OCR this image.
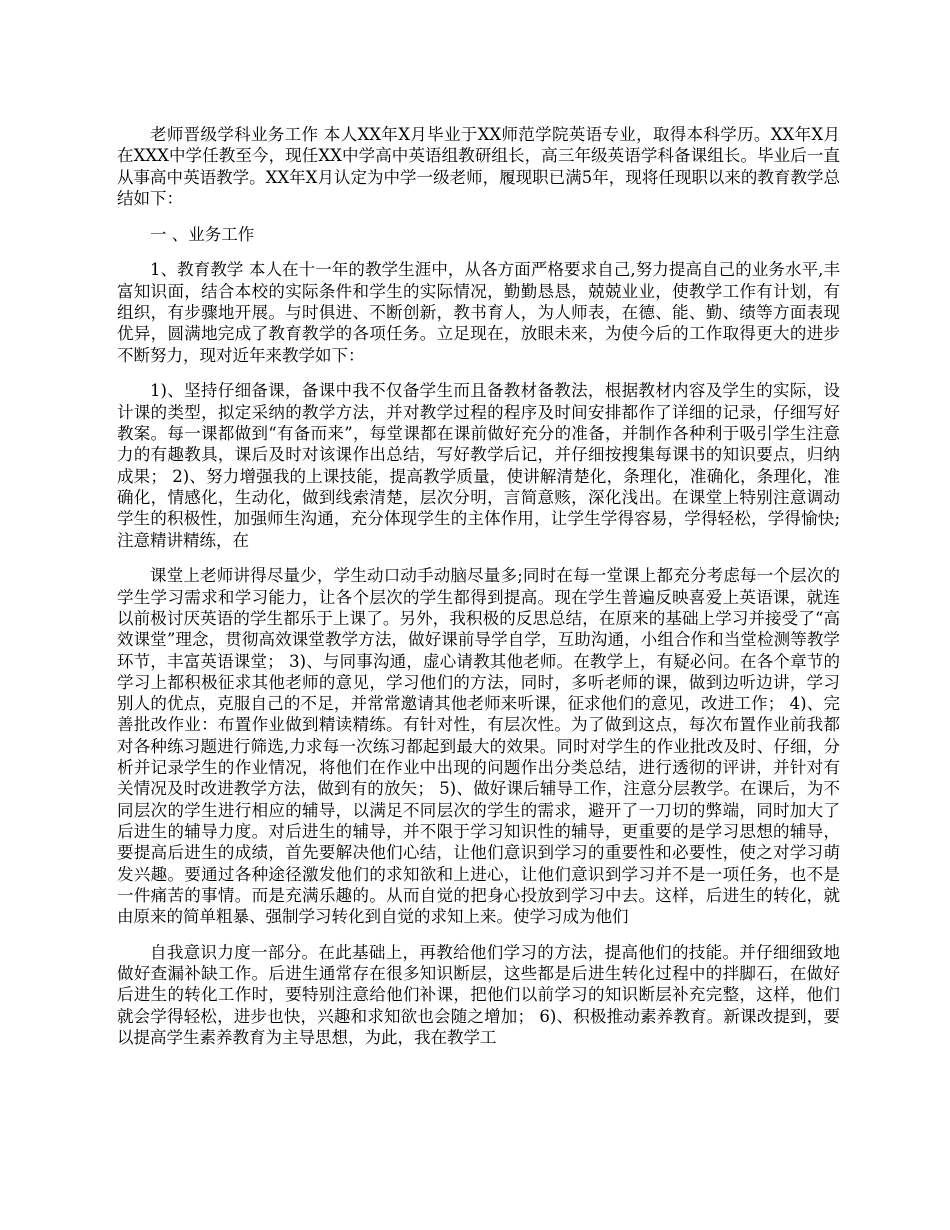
老师晋级学科业务工作 本人XX年X月毕业于XX师范学院英语专业，取得本科学历。XX年X月在XXX中学任教至今，现任XX中学高中英语组教研组长，高三年级英语学科备课组长。毕业后一直从事高中英语教学。XX年X月认定为中学一级老师，履现职已满5年，现将任现职以来的教育教学总结如下：

一 、业务工作

1、教育教学 本人在十一年的教学生涯中，从各方面严格要求自己,努力提高自己的业务水平,丰富知识面，结合本校的实际条件和学生的实际情况，勤勤恳恳，兢兢业业，使教学工作有计划，有组织，有步骤地开展。与时俱进、不断创新，教书育人，为人师表，在德、能、勤、绩等方面表现优异，圆满地完成了教育教学的各项任务。立足现在，放眼未来，为使今后的工作取得更大的进步不断努力，现对近年来教学如下：

1)、坚持仔细备课，备课中我不仅备学生而且备教材备教法，根据教材内容及学生的实际，设计课的类型，拟定采纳的教学方法，并对教学过程的程序及时间安排都作了详细的记录，仔细写好教案。每一课都做到“有备而来”，每堂课都在课前做好充分的准备，并制作各种利于吸引学生注意力的有趣教具，课后及时对该课作出总结，写好教学后记，并仔细按搜集每课书的知识要点，归纳成果； 2)、努力增强我的上课技能，提高教学质量，使讲解清楚化，条理化，准确化，条理化，准确化，情感化，生动化，做到线索清楚，层次分明，言简意赅，深化浅出。在课堂上特别注意调动学生的积极性，加强师生沟通，充分体现学生的主体作用，让学生学得容易，学得轻松，学得愉快;注意精讲精练，在

课堂上老师讲得尽量少，学生动口动手动脑尽量多;同时在每一堂课上都充分考虑每一个层次的学生学习需求和学习能力，让各个层次的学生都得到提高。现在学生普遍反映喜爱上英语课，就连以前极讨厌英语的学生都乐于上课了。另外，我积极的反思总结，在原来的基础上学习并接受了“高效课堂”理念，贯彻高效课堂教学方法，做好课前导学自学，互助沟通，小组合作和当堂检测等教学环节，丰富英语课堂； 3)、与同事沟通，虚心请教其他老师。在教学上，有疑必问。在各个章节的学习上都积极征求其他老师的意见，学习他们的方法，同时，多听老师的课，做到边听边讲，学习别人的优点，克服自己的不足，并常常邀请其他老师来听课，征求他们的意见，改进工作； 4)、完善批改作业：布置作业做到精读精练。有针对性，有层次性。为了做到这点，每次布置作业前我都对各种练习题进行筛选,力求每一次练习都起到最大的效果。同时对学生的作业批改及时、仔细，分析并记录学生的作业情况，将他们在作业中出现的问题作出分类总结，进行透彻的评讲，并针对有关情况及时改进教学方法，做到有的放矢； 5)、做好课后辅导工作，注意分层教学。在课后，为不同层次的学生进行相应的辅导，以满足不同层次的学生的需求，避开了一刀切的弊端，同时加大了后进生的辅导力度。对后进生的辅导，并不限于学习知识性的辅导，更重要的是学习思想的辅导，要提高后进生的成绩，首先要解决他们心结，让他们意识到学习的重要性和必要性，使之对学习萌发兴趣。要通过各种途径激发他们的求知欲和上进心，让他们意识到学习并不是一项任务，也不是一件痛苦的事情。而是充满乐趣的。从而自觉的把身心投放到学习中去。这样，后进生的转化，就由原来的简单粗暴、强制学习转化到自觉的求知上来。使学习成为他们

自我意识力度一部分。在此基础上，再教给他们学习的方法，提高他们的技能。并仔细细致地做好查漏补缺工作。后进生通常存在很多知识断层，这些都是后进生转化过程中的拌脚石，在做好后进生的转化工作时，要特别注意给他们补课，把他们以前学习的知识断层补充完整，这样，他们就会学得轻松，进步也快，兴趣和求知欲也会随之增加； 6)、积极推动素养教育。新课改提到，要以提高学生素养教育为主导思想，为此，我在教学工
